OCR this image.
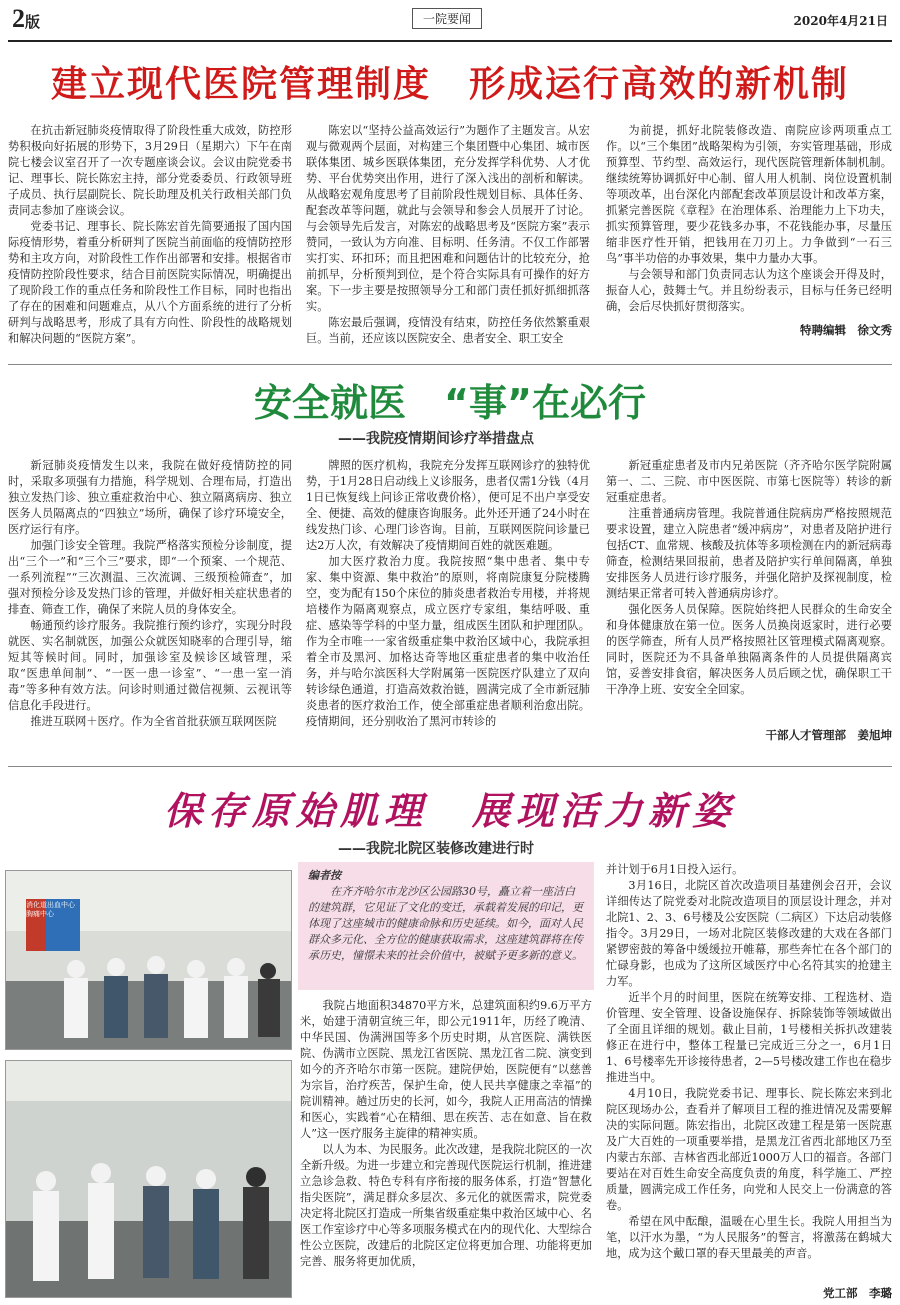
2版	一院要闻	2020年4月21日
建立现代医院管理制度　形成运行高效的新机制

在抗击新冠肺炎疫情取得了阶段性重大成效，防控形势积极向好拓展的形势下，3月29日（星期六）下午在南院七楼会议室召开了一次专题座谈会议。会议由院党委书记、理事长、院长陈宏主持，部分党委委员、行政领导班子成员、执行层副院长、院长助理及机关行政相关部门负责同志参加了座谈会议。

党委书记、理事长、院长陈宏首先简要通报了国内国际疫情形势，着重分析研判了医院当前面临的疫情防控形势和主攻方向，对阶段性工作作出部署和安排。根据省市疫情防控阶段性要求，结合目前医院实际情况，明确提出了现阶段工作的重点任务和阶段性工作目标，同时也指出了存在的困难和问题难点，从八个方面系统的进行了分析研判与战略思考，形成了具有方向性、阶段性的战略规划和解决问题的“医院方案”。

陈宏以“坚持公益高效运行”为题作了主题发言。从宏观与微观两个层面，对构建三个集团暨中心集团、城市医联体集团、城乡医联体集团，充分发挥学科优势、人才优势、平台优势突出作用，进行了深入浅出的剖析和解读。从战略宏观角度思考了目前阶段性规划目标、具体任务、配套改革等问题，就此与会领导和参会人员展开了讨论。与会领导先后发言，对陈宏的战略思考及“医院方案”表示赞同，一致认为方向准、目标明、任务清。不仅工作部署实打实、环扣环；而且把困难和问题估计的比较充分，抢前抓早，分析预判到位，是个符合实际具有可操作的好方案。下一步主要是按照领导分工和部门责任抓好抓细抓落实。

陈宏最后强调，疫情没有结束，防控任务依然繁重艰巨。当前，还应该以医院安全、患者安全、职工安全

为前提，抓好北院装修改造、南院应诊两项重点工作。以“三个集团”战略架构为引领，夯实管理基础，形成预算型、节约型、高效运行，现代医院管理新体制机制。继续统筹协调抓好中心制、留人用人机制、岗位设置机制等项改革，出台深化内部配套改革顶层设计和改革方案，抓紧完善医院《章程》在治理体系、治理能力上下功夫，抓实预算管理，要少花钱多办事，不花钱能办事，尽量压缩非医疗性开销，把钱用在刀刃上。力争做到“一石三鸟”事半功倍的办事效果，集中力量办大事。

与会领导和部门负责同志认为这个座谈会开得及时，振奋人心，鼓舞士气。并且纷纷表示，目标与任务已经明确，会后尽快抓好贯彻落实。

特聘编辑　徐文秀
安全就医　“事”在必行
——我院疫情期间诊疗举措盘点

新冠肺炎疫情发生以来，我院在做好疫情防控的同时，采取多项强有力措施，科学规划、合理布局，打造出独立发热门诊、独立重症救治中心、独立隔离病房、独立医务人员隔离点的“四独立”场所，确保了诊疗环境安全，医疗运行有序。

加强门诊安全管理。我院严格落实预检分诊制度，提出“三个一”和“三个三”要求，即“一个预案、一个规范、一系列流程”“三次测温、三次流调、三级预检筛查”，加强对预检分诊及发热门诊的管理，并做好相关症状患者的排查、筛查工作，确保了来院人员的身体安全。

畅通预约诊疗服务。我院推行预约诊疗，实现分时段就医、实名制就医，加强公众就医知晓率的合理引导，缩短其等候时间。同时，加强诊室及候诊区域管理，采取“医患单间制”、“一医一患一诊室”、“一患一室一消毒”等多种有效方法。问诊时则通过微信视频、云视讯等信息化手段进行。

推进互联网＋医疗。作为全省首批获颁互联网医院

牌照的医疗机构，我院充分发挥互联网诊疗的独特优势，于1月28日启动线上义诊服务，患者仅需1分钱（4月1日已恢复线上问诊正常收费价格），便可足不出户享受安全、便捷、高效的健康咨询服务。此外还开通了24小时在线发热门诊、心理门诊咨询。目前，互联网医院问诊量已达2万人次，有效解决了疫情期间百姓的就医难题。

加大医疗救治力度。我院按照“集中患者、集中专家、集中资源、集中救治”的原则，将南院康复分院楼腾空，变为配有150个床位的肺炎患者救治专用楼，并将规培楼作为隔离观察点，成立医疗专家组，集结呼吸、重症、感染等学科的中坚力量，组成医生团队和护理团队。作为全市唯一一家省级重症集中救治区域中心，我院承担着全市及黑河、加格达奇等地区重症患者的集中收治任务，并与哈尔滨医科大学附属第一医院医疗队建立了双向转诊绿色通道，打造高效救治链，圆满完成了全市新冠肺炎患者的医疗救治工作，使全部重症患者顺利治愈出院。疫情期间，还分别收治了黑河市转诊的

新冠重症患者及市内兄弟医院（齐齐哈尔医学院附属第一、二、三院、市中医医院、市第七医院等）转诊的新冠重症患者。

注重普通病房管理。我院普通住院病房严格按照规范要求设置，建立入院患者“缓冲病房”，对患者及陪护进行包括CT、血常规、核酸及抗体等多项检测在内的新冠病毒筛查，检测结果回报前，患者及陪护实行单间隔离，单独安排医务人员进行诊疗服务，并强化陪护及探视制度，检测结果正常者可转入普通病房诊疗。

强化医务人员保障。医院始终把人民群众的生命安全和身体健康放在第一位。医务人员换岗返家时，进行必要的医学筛查，所有人员严格按照社区管理模式隔离观察。同时，医院还为不具备单独隔离条件的人员提供隔离宾馆，妥善安排食宿，解决医务人员后顾之忧，确保职工干干净净上班、安安全全回家。

干部人才管理部　姜旭坤
保存原始肌理　展现活力新姿
——我院北院区装修改建进行时
消化道出血中心 胸痛中心
编者按

在齐齐哈尔市龙沙区公园路30号，矗立着一座洁白的建筑群，它见证了文化的变迁，承载着发展的印记，更体现了这座城市的健康命脉和历史延续。如今，面对人民群众多元化、全方位的健康获取需求，这座建筑群将在传承历史，憧憬未来的社会价值中，被赋予更多新的意义。

我院占地面积34870平方米，总建筑面积约9.6万平方米，始建于清朝宣统三年，即公元1911年，历经了晚清、中华民国、伪满洲国等多个历史时期，从宫医院、满铁医院、伪满市立医院、黑龙江省医院、黑龙江省二院、演变到如今的齐齐哈尔市第一医院。建院伊始，医院便有“以慈善为宗旨，治疗疾苦，保护生命，使人民共享健康之幸福”的院训精神。趟过历史的长河，如今，我院人正用高洁的情操和医心，实践着“心在精细、思在疾苦、志在如意、旨在救人”这一医疗服务主旋律的精神实质。

以人为本、为民服务。此次改建，是我院北院区的一次全新升级。为进一步建立和完善现代医院运行机制，推进建立急诊急救、特色专科有序衔接的服务体系，打造“智慧化指尖医院”，满足群众多层次、多元化的就医需求，院党委决定将北院区打造成一所集省级重症集中救治区域中心、名医工作室诊疗中心等多项服务模式在内的现代化、大型综合性公立医院，改建后的北院区定位将更加合理、功能将更加完善、服务将更加优质，

并计划于6月1日投入运行。

3月16日，北院区首次改造项目基建例会召开，会议详细传达了院党委对北院改造项目的顶层设计理念，并对北院1、2、3、6号楼及公安医院（二病区）下达启动装修指令。3月29日，一场对北院区装修改建的大戏在各部门紧锣密鼓的筹备中缓缓拉开帷幕，那些奔忙在各个部门的忙碌身影，也成为了这所区域医疗中心名符其实的抢建主力军。

近半个月的时间里，医院在统筹安排、工程选材、造价管理、安全管理、设备设施保存、拆除装饰等领域做出了全面且详细的规划。截止目前，1号楼相关拆扒改建装修正在进行中，整体工程量已完成近三分之一，6月1日1、6号楼率先开诊接待患者，2—5号楼改建工作也在稳步推进当中。

4月10日，我院党委书记、理事长、院长陈宏来到北院区现场办公，查看并了解项目工程的推进情况及需要解决的实际问题。陈宏指出，北院区改建工程是第一医院惠及广大百姓的一项重要举措，是黑龙江省西北部地区乃至内蒙古东部、吉林省西北部近1000万人口的福音。各部门要站在对百姓生命安全高度负责的角度，科学施工、严控质量，圆满完成工作任务，向党和人民交上一份满意的答卷。

希望在风中酝酿，温暖在心里生长。我院人用担当为笔，以汗水为墨，“为人民服务”的誓言，将激荡在鹤城大地，成为这个戴口罩的春天里最美的声音。

党工部　李璐
